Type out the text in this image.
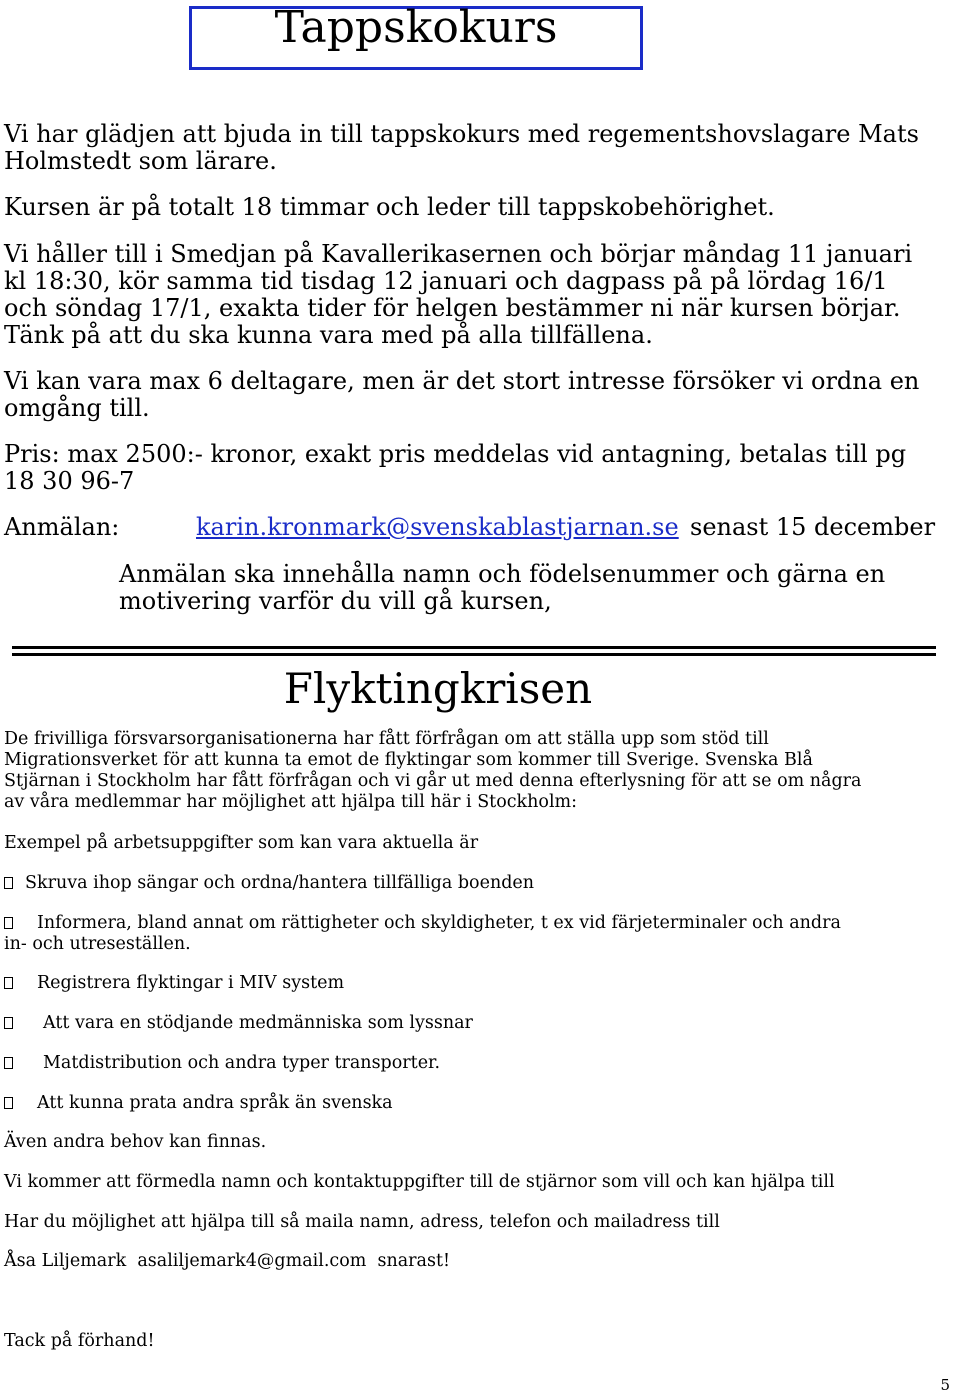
Tappskokurs

Vi har glädjen att bjuda in till tappskokurs med regementshovslagare Mats Holmstedt som lärare.

Kursen är på totalt 18 timmar och leder till tappskobehörighet.

Vi håller till i Smedjan på Kavallerikasernen och börjar måndag 11 januari kl 18:30, kör samma tid tisdag 12 januari och dagpass på på lördag 16/1 och söndag 17/1, exakta tider för helgen bestämmer ni när kursen börjar. Tänk på att du ska kunna vara med på alla tillfällena.

Vi kan vara max 6 deltagare, men är det stort intresse försöker vi ordna en omgång till.

Pris: max 2500:- kronor, exakt pris meddelas vid antagning, betalas till pg 18 30 96-7

Anmälan:	karin.kronmark@svenskablastjarnan.se senast 15 december

Anmälan ska innehålla namn och födelsenummer och gärna en motivering varför du vill gå kursen,

Flyktingkrisen

De frivilliga försvarsorganisationerna har fått förfrågan om att ställa upp som stöd till Migrationsverket för att kunna ta emot de flyktingar som kommer till Sverige. Svenska Blå Stjärnan i Stockholm har fått förfrågan och vi går ut med denna efterlysning för att se om några av våra medlemmar har möjlighet att hjälpa till här i Stockholm:

Exempel på arbetsuppgifter som kan vara aktuella är

Skruva ihop sängar och ordna/hantera tillfälliga boenden

Informera, bland annat om rättigheter och skyldigheter, t ex vid färjeterminaler och andra in- och utreseställen.

Registrera flyktingar i MIV system

Att vara en stödjande medmänniska som lyssnar

Matdistribution och andra typer transporter.

Att kunna prata andra språk än svenska

Även andra behov kan finnas.

Vi kommer att förmedla namn och kontaktuppgifter till de stjärnor som vill och kan hjälpa till

Har du möjlighet att hjälpa till så maila namn, adress, telefon och mailadress till

Åsa Liljemark asaliljemark4@gmail.com snarast!

Tack på förhand!

5
